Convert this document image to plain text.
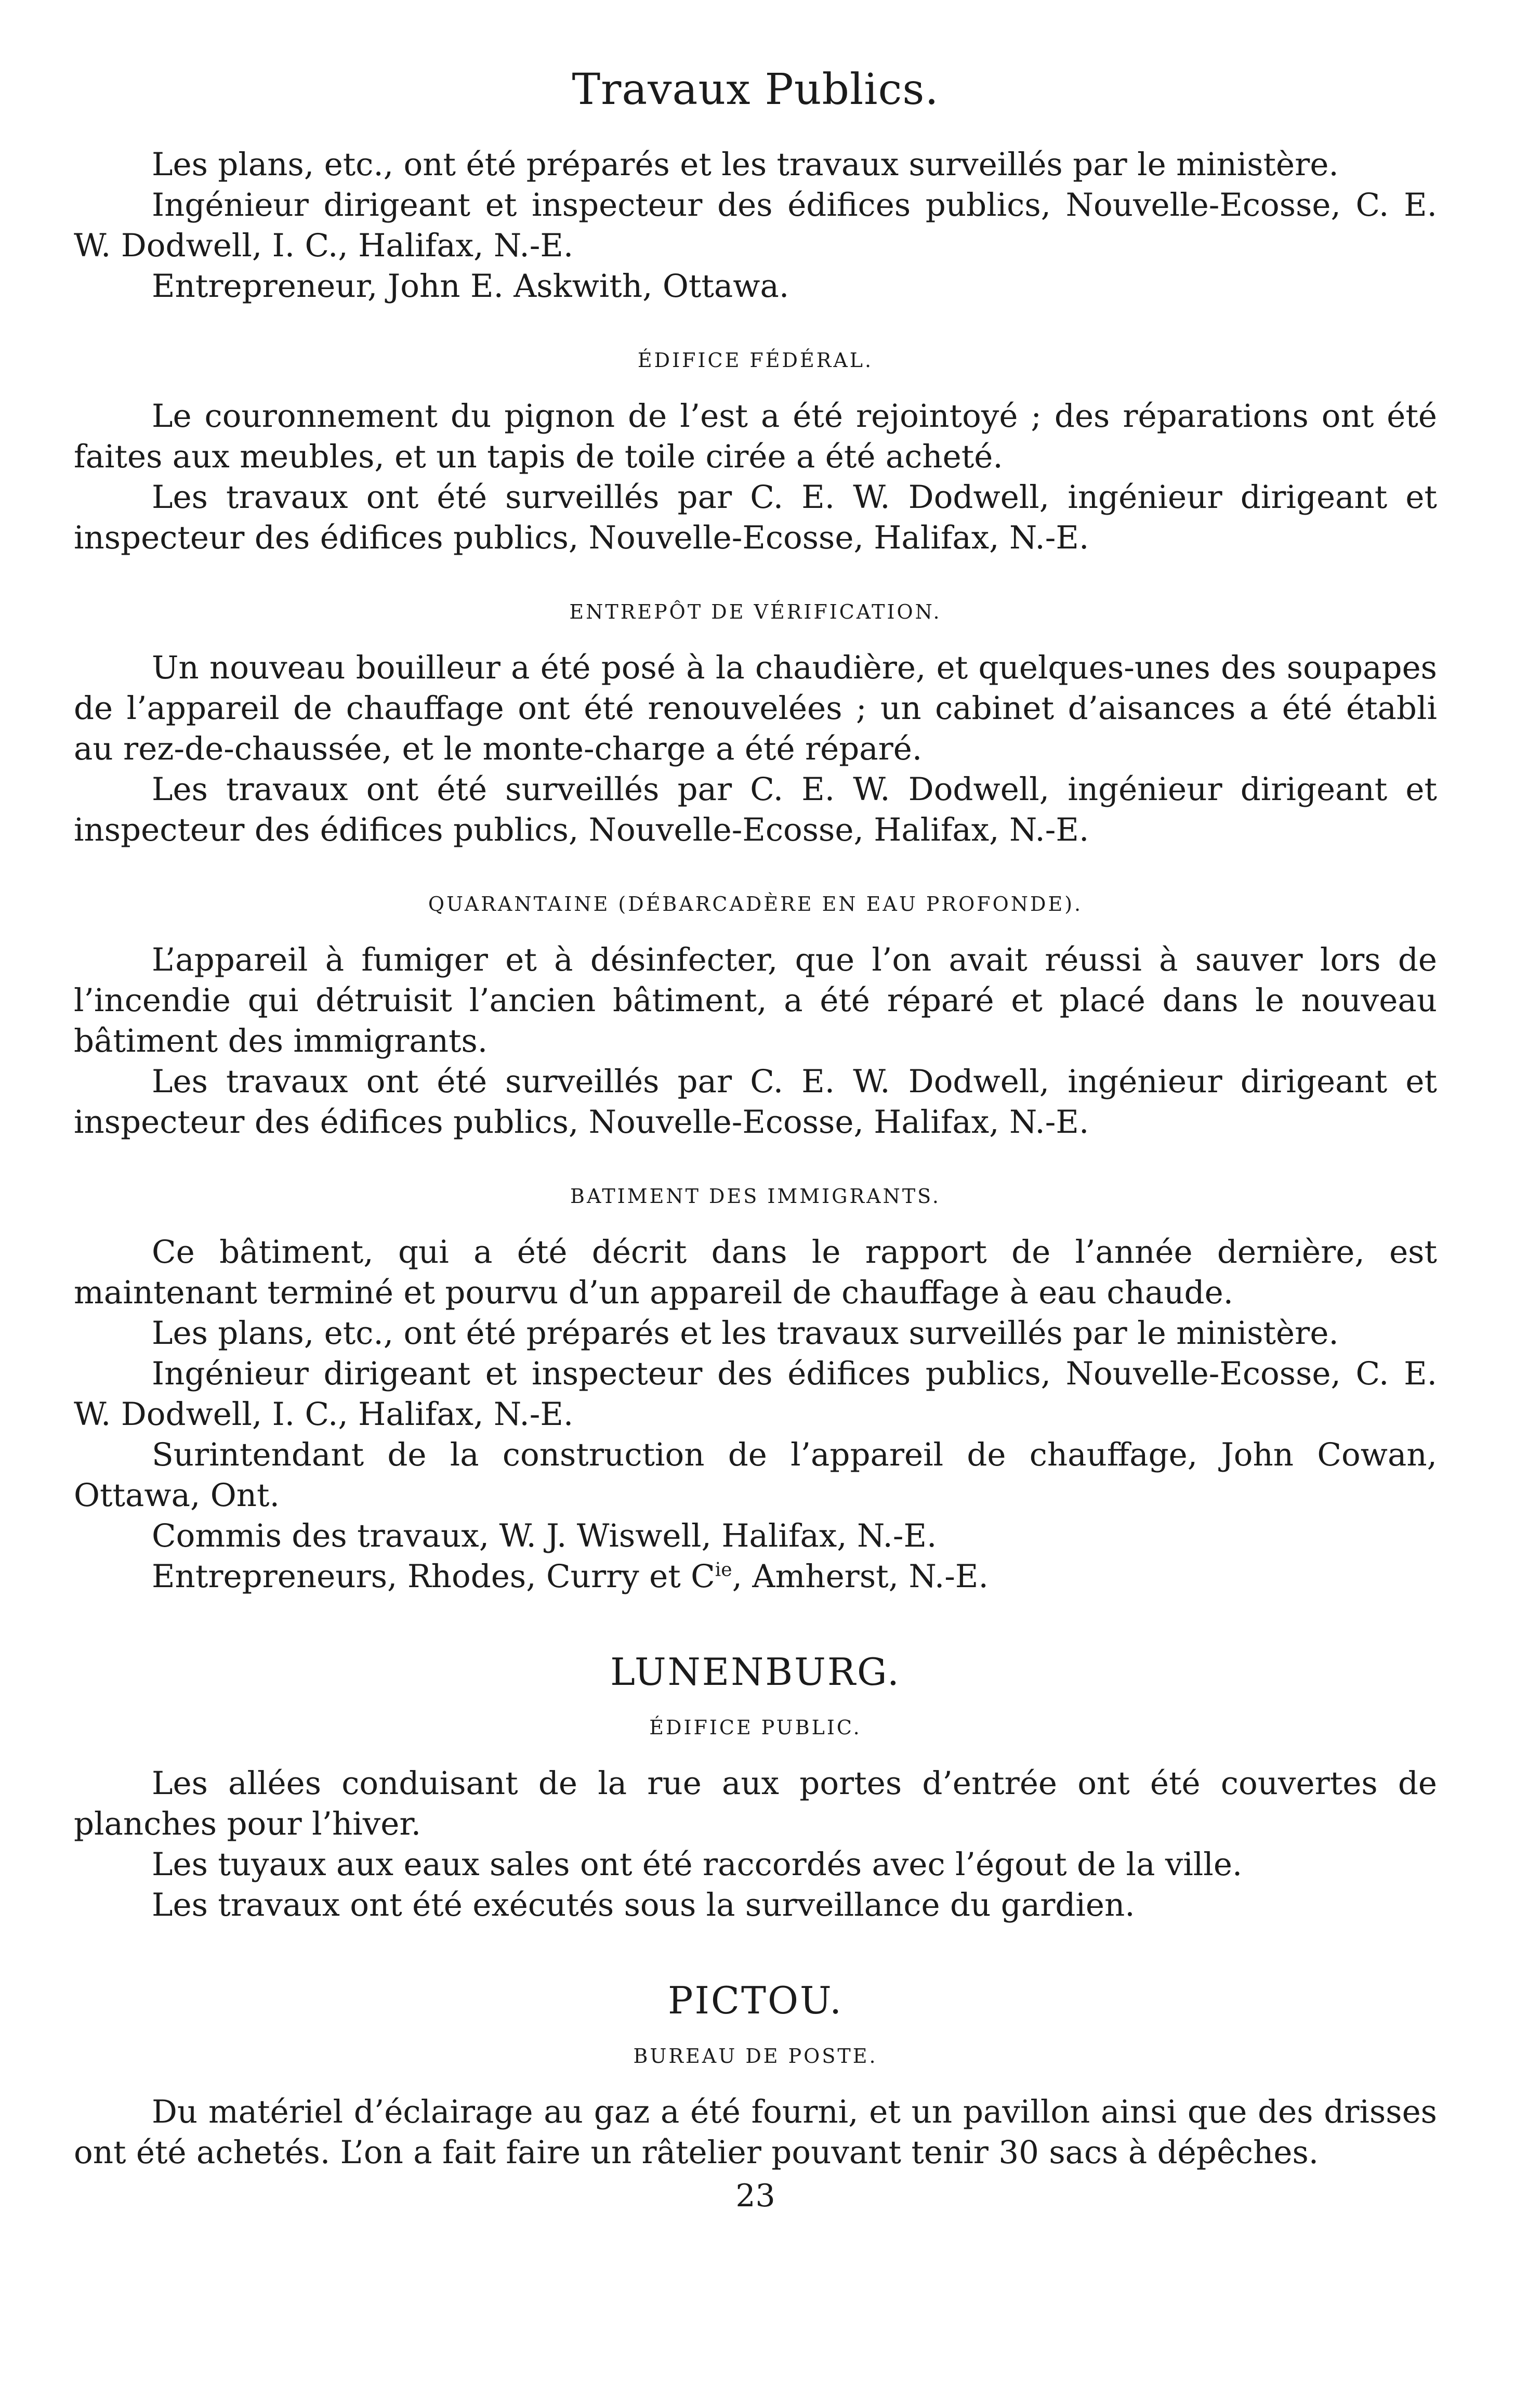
Travaux Publics.

Les plans, etc., ont été préparés et les travaux surveillés par le ministère.

Ingénieur dirigeant et inspecteur des édifices publics, Nouvelle-Ecosse, C. E. W. Dodwell, I. C., Halifax, N.-E.

Entrepreneur, John E. Askwith, Ottawa.

ÉDIFICE FÉDÉRAL.

Le couronnement du pignon de l’est a été rejointoyé ; des réparations ont été faites aux meubles, et un tapis de toile cirée a été acheté.

Les travaux ont été surveillés par C. E. W. Dodwell, ingénieur dirigeant et inspecteur des édifices publics, Nouvelle-Ecosse, Halifax, N.-E.

ENTREPÔT DE VÉRIFICATION.

Un nouveau bouilleur a été posé à la chaudière, et quelques-unes des soupapes de l’appareil de chauffage ont été renouvelées ; un cabinet d’aisances a été établi au rez-de-chaussée, et le monte-charge a été réparé.

Les travaux ont été surveillés par C. E. W. Dodwell, ingénieur dirigeant et inspecteur des édifices publics, Nouvelle-Ecosse, Halifax, N.-E.

QUARANTAINE (DÉBARCADÈRE EN EAU PROFONDE).

L’appareil à fumiger et à désinfecter, que l’on avait réussi à sauver lors de l’incendie qui détruisit l’ancien bâtiment, a été réparé et placé dans le nouveau bâtiment des immigrants.

Les travaux ont été surveillés par C. E. W. Dodwell, ingénieur dirigeant et inspecteur des édifices publics, Nouvelle-Ecosse, Halifax, N.-E.

BATIMENT DES IMMIGRANTS.

Ce bâtiment, qui a été décrit dans le rapport de l’année dernière, est maintenant terminé et pourvu d’un appareil de chauffage à eau chaude.

Les plans, etc., ont été préparés et les travaux surveillés par le ministère.

Ingénieur dirigeant et inspecteur des édifices publics, Nouvelle-Ecosse, C. E. W. Dodwell, I. C., Halifax, N.-E.

Surintendant de la construction de l’appareil de chauffage, John Cowan, Ottawa, Ont.

Commis des travaux, W. J. Wiswell, Halifax, N.-E.

Entrepreneurs, Rhodes, Curry et $C^{ie}$, Amherst, N.-E.

LUNENBURG.
ÉDIFICE PUBLIC.

Les allées conduisant de la rue aux portes d’entrée ont été couvertes de planches pour l’hiver.

Les tuyaux aux eaux sales ont été raccordés avec l’égout de la ville.

Les travaux ont été exécutés sous la surveillance du gardien.

PICTOU.
BUREAU DE POSTE.

Du matériel d’éclairage au gaz a été fourni, et un pavillon ainsi que des drisses ont été achetés. L’on a fait faire un râtelier pouvant tenir 30 sacs à dépêches.

23
